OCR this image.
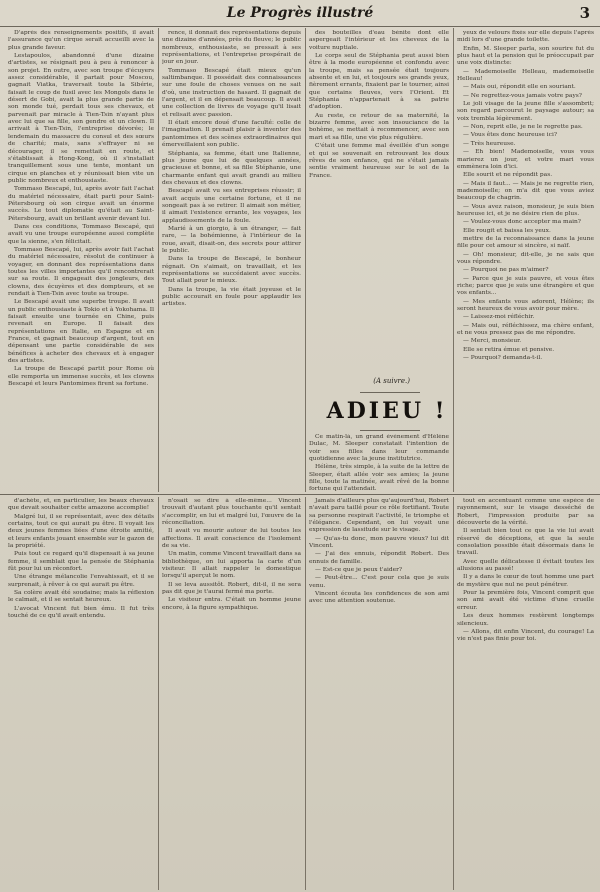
Le Progrès illustré	3

D'après des renseignements positifs, il avait l'assurance qu'un cirque serait accueilli avec la plus grande faveur.

Lestapoulos, abandonné d'une dizaine d'artistes, se résignait peu à peu à renoncer à son projet. En outre, avec son troupe d'écuyers assez considérable, il partait pour Moscou, gagnait Viatka, traversait toute la Sibérie, faisait le coup de fusil avec les Mongols dans le désert de Gobi, avait la plus grande partie de son monde tué, perdait tous ses chevaux, et parvenait par miracle à Tien-Tsin n'ayant plus avec lui que sa fille, son gendre et un clown. Il arrivait à Tien-Tsin, l'entreprise dévorée; le lendemain du massacre du consul et des sœurs de charité; mais, sans s'effrayer ni se décourager, il se remettait en route, et s'établissait à Hong-Kong, où il s'installait tranquillement sous une tente, montant un cirque en planches et y réunissait bien vite un public nombreux et enthousiaste.

Tommaso Bescapé, lui, après avoir fait l'achat du matériel nécessaire, était parti pour Saint-Pétersbourg où son cirque avait un énorme succès. Le tout diplomatie qu'était au Saint-Pétersbourg, avait un brillant avenir devant lui.

Dans ces conditions, Tommaso Bescapé, qui avait vu une troupe européenne aussi complète que la sienne, s'en félicitait.

Tommaso Bescapé, lui, après avoir fait l'achat du matériel nécessaire, résolut de continuer à voyager, en donnant des représentations dans toutes les villes importantes qu'il rencontrerait sur sa route. Il engageait des jongleurs, des clowns, des écuyères et des dompteurs, et se rendait à Tien-Tsin avec toute sa troupe.

Le Bescapé avait une superbe troupe. Il avait un public enthousiaste à Tokio et à Yokohama. Il faisait ensuite une tournée en Chine, puis revenait en Europe. Il faisait des représentations en Italie, en Espagne et en France, et gagnait beaucoup d'argent, tout en dépensant une partie considérable de ses bénéfices à acheter des chevaux et à engager des artistes.

La troupe de Bescapé partit pour Rome où elle remporta un immense succès, et les clowns Bescapé et leurs Pantomimes firent sa fortune.

rence, il donnait des représentations depuis une dizaine d'années, près du fleuve; le public nombreux, enthousiaste, se pressait à ses représentations, et l'entreprise prospérait de jour en jour.

Tommaso Bescapé était mieux qu'un saltimbanque. Il possédait des connaissances sur une foule de choses venues on ne sait d'où, une instruction de hasard. Il gagnait de l'argent, et il en dépensait beaucoup. Il avait une collection de livres de voyage qu'il lisait et relisait avec passion.

Il était encore doué d'une faculté: celle de l'imagination. Il prenait plaisir à inventer des pantomimes et des scènes extraordinaires qui émerveillaient son public.

Stéphania, sa femme, était une Italienne, plus jeune que lui de quelques années, gracieuse et bonne, et sa fille Stéphanie, une charmante enfant qui avait grandi au milieu des chevaux et des clowns.

Bescapé avait vu ses entreprises réussir; il avait acquis une certaine fortune, et il ne songeait pas à se retirer. Il aimait son métier, il aimait l'existence errante, les voyages, les applaudissements de la foule.

Marié à un giorgio, à un étranger, — fait rare, — la bohémienne, à l'intérieur de la roue, avait, disait-on, des secrets pour attirer le public.

Dans la troupe de Bescapé, le bonheur régnait. On s'aimait, on travaillait, et les représentations se succédaient avec succès. Tout allait pour le mieux.

Dans la troupe, la vie était joyeuse et le public accourait en foule pour applaudir les artistes.

des bouteilles d'eau bénite dont elle aspergeait l'intérieur et les cheveux de la voiture nuptiale.

Le corps seul de Stéphania peut aussi bien être à la mode européenne et confondu avec la troupe, mais sa pensée était toujours absente et en lui, et toujours ses grands yeux, fièrement errants, fixaient par le tourner, ainsi que certains fleuves, vers l'Orient. Et Stéphania n'appartenait à sa patrie d'adoption.

Au reste, ce retour de sa maternité, la bizarre femme, avec son insouciance de la bohème, se mettait à recommencer, avec son mari et sa fille, une vie plus régulière.

C'était une femme mal éveillée d'un songe et qui se souvenait en retrouvant les doux rêves de son enfance, qui ne s'était jamais sentie vraiment heureuse sur le sol de la France.

(A suivre.)
ADIEU !

Ce matin-là, un grand événement d'Hélène Dulac, M. Sleeper constatait l'intention de voir ses filles dans leur commande quotidienne avec la jeune institutrice.

Hélène, très simple, à la suite de la lettre de Sleeper, était allée voir ses amies; la jeune fille, toute la matinée, avait rêvé de la bonne fortune qui l'attendait.

yeux de velours fixés sur elle depuis l'après midi lors d'une grande toilette.

Enfin, M. Sleeper parla, son sourire fut du plus haut et la pension qui le préoccupait par une voix distincte:

— Mademoiselle Helleau, mademoiselle Helleau!

— Mais oui, répondit elle en souriant.

— Ne regrettez-vous jamais votre pays?

Le joli visage de la jeune fille s'assombrit; son regard parcourut le paysage autour; sa voix trembla légèrement.

— Non, reprit elle, je ne le regrette pas.

— Vous êtes donc heureuse ici?

— Très heureuse.

— Eh bien! Mademoiselle, vous vous marierez un jour, et votre mari vous emmènera loin d'ici.

Elle sourit et ne répondit pas.

— Mais il faut... — Mais je ne regrette rien, mademoiselle; on m'a dit que vous aviez beaucoup de chagrin.

— Vous avez raison, monsieur, je suis bien heureuse ici, et je ne désire rien de plus.

— Voulez-vous donc accepter ma main?

Elle rougit et baissa les yeux.

mettre de la reconnaissance dans la jeune fille pour cet amour si sincère, si naïf.

— Oh! monsieur, dit-elle, je ne sais que vous répondre.

— Pourquoi ne pas m'aimer?

— Parce que je suis pauvre, et vous êtes riche; parce que je suis une étrangère et que vos enfants...

— Mes enfants vous adorent, Hélène; ils seront heureux de vous avoir pour mère.

— Laissez-moi réfléchir.

— Mais oui, réfléchissez, ma chère enfant, et ne vous pressez pas de me répondre.

— Merci, monsieur.

Elle se retira émue et pensive.

— Pourquoi? demanda-t-il.

d'achète, et, en particulier, les beaux chevaux que devait souhaiter cette amazone accomplie!

Malgré lui, il se représentait, avec des détails certains, tout ce qui aurait pu être. Il voyait les deux jeunes femmes liées d'une étroite amitié, et leurs enfants jouant ensemble sur le gazon de la propriété.

Puis tout ce regard qu'il dispensait à sa jeune femme, il semblait que la pensée de Stéphania fût pour lui un réconfort.

Une étrange mélancolie l'envahissait, et il se surprenait, à rêver à ce qui aurait pu être.

Sa colère avait été soudaine; mais la réflexion le calmait, et il se sentait heureux.

L'avocat Vincent fut bien ému. Il fut très touché de ce qu'il avait entendu.

n'osait se dire à elle-même... Vincent trouvait d'autant plus touchante qu'il sentait s'accomplir, en lui et malgré lui, l'œuvre de la réconciliation.

Il avait vu mourir autour de lui toutes les affections. Il avait conscience de l'isolement de sa vie.

Un matin, comme Vincent travaillait dans sa bibliothèque, on lui apporta la carte d'un visiteur. Il allait rappeler le domestique lorsqu'il aperçut le nom.

Il se leva aussitôt. Robert, dit-il, il ne sera pas dit que je t'aurai fermé ma porte.

Le visiteur entra. C'était un homme jeune encore, à la figure sympathique.

Jamais d'ailleurs plus qu'aujourd'hui, Robert n'avait paru taillé pour ce rôle fortifiant. Toute sa personne respirait l'activité, le triomphe et l'élégance. Cependant, on lui voyait une expression de lassitude sur le visage.

— Qu'as-tu donc, mon pauvre vieux? lui dit Vincent.

— J'ai des ennuis, répondit Robert. Des ennuis de famille.

— Est-ce que je peux t'aider?

— Peut-être... C'est pour cela que je suis venu.

Vincent écouta les confidences de son ami avec une attention soutenue.

tout en accentuant comme une espèce de rayonnement, sur le visage desséché de Robert, l'impression produite par sa découverte de la vérité.

Il sentait bien tout ce que la vie lui avait réservé de déceptions, et que la seule consolation possible était désormais dans le travail.

Avec quelle délicatesse il évitait toutes les allusions au passé!

Il y a dans le cœur de tout homme une part de mystère que nul ne peut pénétrer.

Pour la première fois, Vincent comprit que son ami avait été victime d'une cruelle erreur.

Les deux hommes restèrent longtemps silencieux.

— Allons, dit enfin Vincent, du courage! La vie n'est pas finie pour toi.
